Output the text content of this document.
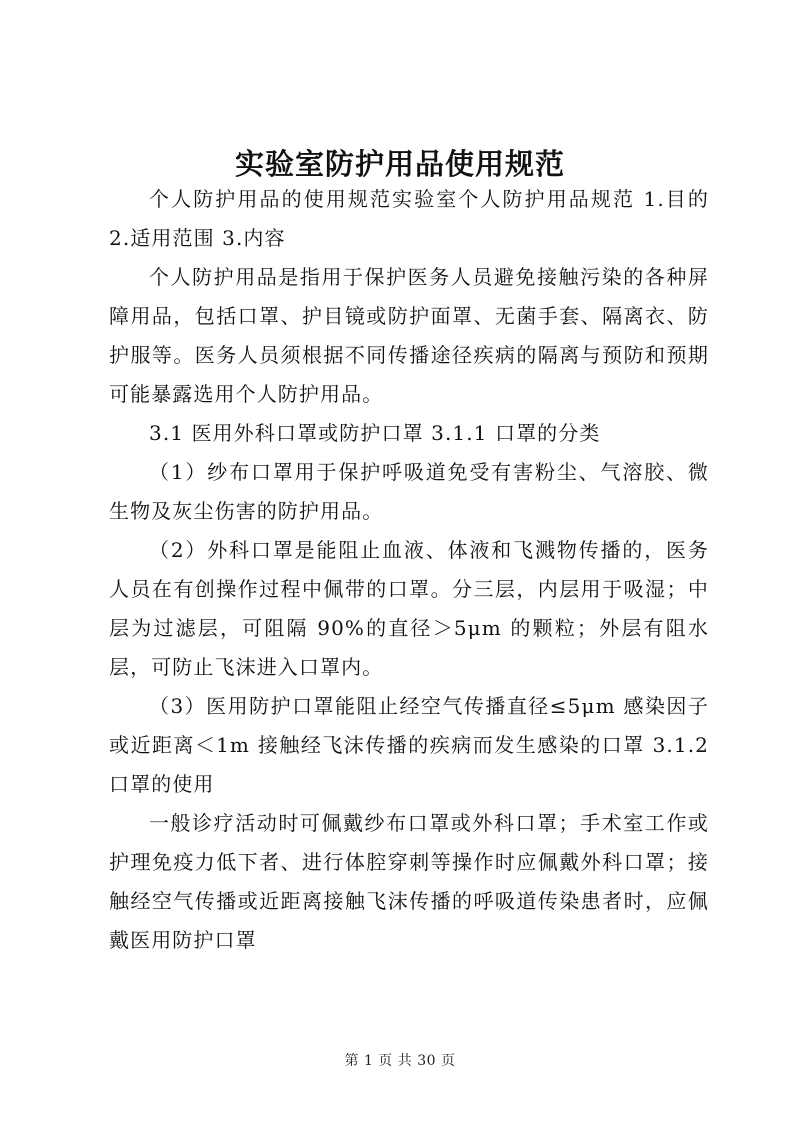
实验室防护用品使用规范

个人防护用品的使用规范实验室个人防护用品规范 1.目的 2.适用范围 3.内容

个人防护用品是指用于保护医务人员避免接触污染的各种屏障用品，包括口罩、护目镜或防护面罩、无菌手套、隔离衣、防护服等。医务人员须根据不同传播途径疾病的隔离与预防和预期可能暴露选用个人防护用品。

3.1 医用外科口罩或防护口罩 3.1.1 口罩的分类

（1）纱布口罩用于保护呼吸道免受有害粉尘、气溶胶、微生物及灰尘伤害的防护用品。

（2）外科口罩是能阻止血液、体液和飞溅物传播的，医务人员在有创操作过程中佩带的口罩。分三层，内层用于吸湿；中层为过滤层，可阻隔 90%的直径＞5μm 的颗粒；外层有阻水层，可防止飞沫进入口罩内。

（3）医用防护口罩能阻止经空气传播直径≤5μm 感染因子或近距离＜1m 接触经飞沫传播的疾病而发生感染的口罩 3.1.2 口罩的使用

一般诊疗活动时可佩戴纱布口罩或外科口罩；手术室工作或护理免疫力低下者、进行体腔穿刺等操作时应佩戴外科口罩；接触经空气传播或近距离接触飞沫传播的呼吸道传染患者时，应佩戴医用防护口罩

第 1 页 共 30 页
